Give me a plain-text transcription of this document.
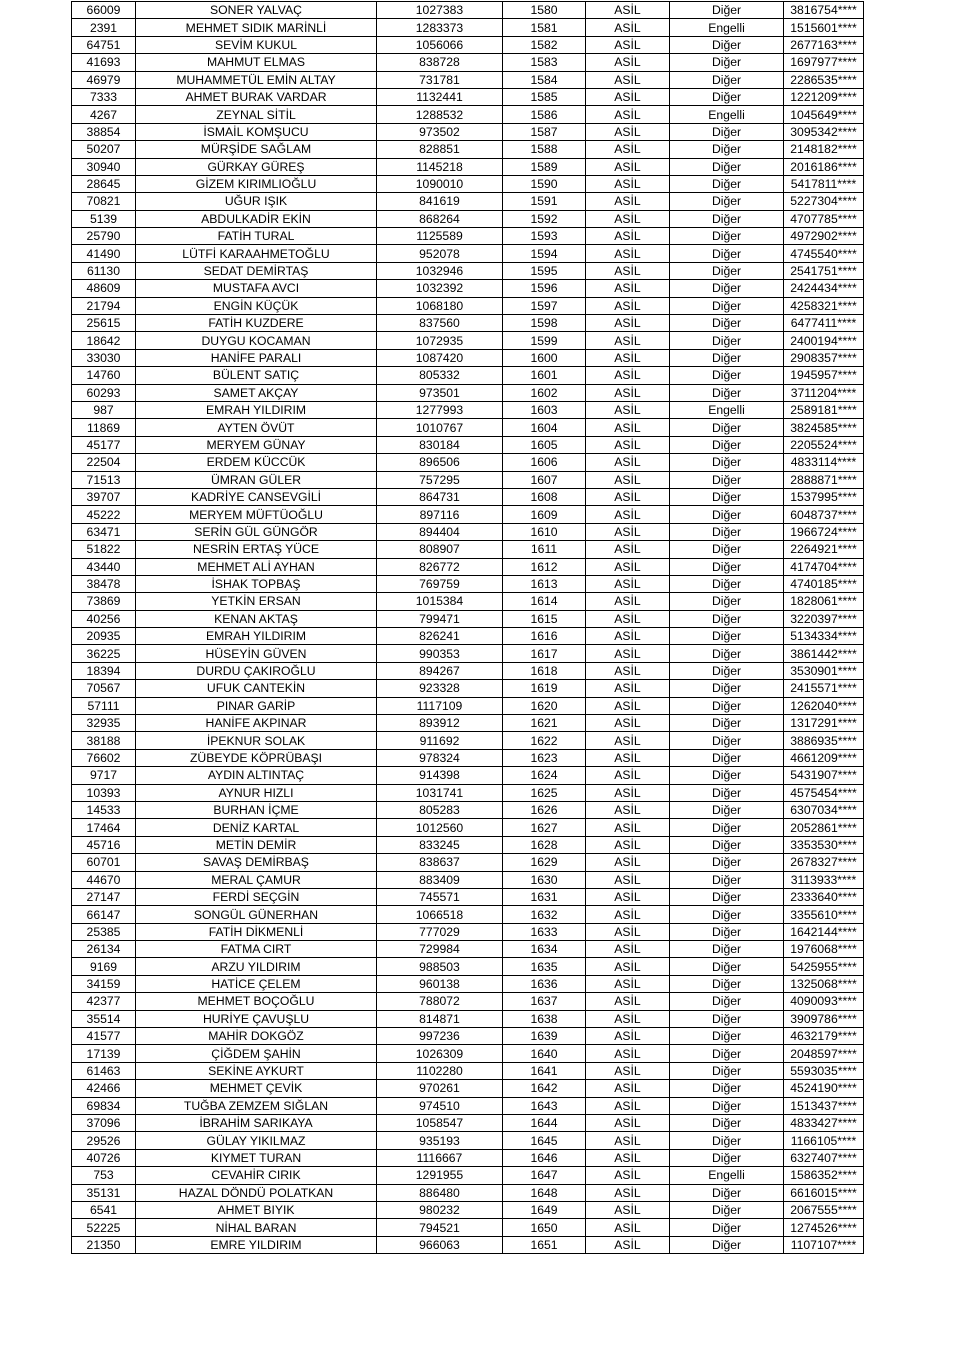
66009	SONER YALVAÇ	1027383	1580	ASİL	Diğer	3816754****
2391	MEHMET SIDIK MARİNLİ	1283373	1581	ASİL	Engelli	1515601****
64751	SEVİM KUKUL	1056066	1582	ASİL	Diğer	2677163****
41693	MAHMUT ELMAS	838728	1583	ASİL	Diğer	1697977****
46979	MUHAMMETÜL EMİN ALTAY	731781	1584	ASİL	Diğer	2286535****
7333	AHMET BURAK VARDAR	1132441	1585	ASİL	Diğer	1221209****
4267	ZEYNAL SİTİL	1288532	1586	ASİL	Engelli	1045649****
38854	İSMAİL KOMŞUCU	973502	1587	ASİL	Diğer	3095342****
50207	MÜRŞİDE SAĞLAM	828851	1588	ASİL	Diğer	2148182****
30940	GÜRKAY GÜREŞ	1145218	1589	ASİL	Diğer	2016186****
28645	GİZEM KIRIMLIOĞLU	1090010	1590	ASİL	Diğer	5417811****
70821	UĞUR IŞIK	841619	1591	ASİL	Diğer	5227304****
5139	ABDULKADİR EKİN	868264	1592	ASİL	Diğer	4707785****
25790	FATİH TURAL	1125589	1593	ASİL	Diğer	4972902****
41490	LÜTFİ KARAAHMETOĞLU	952078	1594	ASİL	Diğer	4745540****
61130	SEDAT DEMİRTAŞ	1032946	1595	ASİL	Diğer	2541751****
48609	MUSTAFA AVCI	1032392	1596	ASİL	Diğer	2424434****
21794	ENGİN KÜÇÜK	1068180	1597	ASİL	Diğer	4258321****
25615	FATİH KUZDERE	837560	1598	ASİL	Diğer	6477411****
18642	DUYGU KOCAMAN	1072935	1599	ASİL	Diğer	2400194****
33030	HANİFE PARALI	1087420	1600	ASİL	Diğer	2908357****
14760	BÜLENT SATIÇ	805332	1601	ASİL	Diğer	1945957****
60293	SAMET AKÇAY	973501	1602	ASİL	Diğer	3711204****
987	EMRAH YILDIRIM	1277993	1603	ASİL	Engelli	2589181****
11869	AYTEN ÖVÜT	1010767	1604	ASİL	Diğer	3824585****
45177	MERYEM GÜNAY	830184	1605	ASİL	Diğer	2205524****
22504	ERDEM KÜCCÜK	896506	1606	ASİL	Diğer	4833114****
71513	ÜMRAN GÜLER	757295	1607	ASİL	Diğer	2888871****
39707	KADRİYE CANSEVGİLİ	864731	1608	ASİL	Diğer	1537995****
45222	MERYEM MÜFTÜOĞLU	897116	1609	ASİL	Diğer	6048737****
63471	SERİN GÜL GÜNGÖR	894404	1610	ASİL	Diğer	1966724****
51822	NESRİN ERTAŞ YÜCE	808907	1611	ASİL	Diğer	2264921****
43440	MEHMET ALİ AYHAN	826772	1612	ASİL	Diğer	4174704****
38478	İSHAK TOPBAŞ	769759	1613	ASİL	Diğer	4740185****
73869	YETKİN ERSAN	1015384	1614	ASİL	Diğer	1828061****
40256	KENAN AKTAŞ	799471	1615	ASİL	Diğer	3220397****
20935	EMRAH YILDIRIM	826241	1616	ASİL	Diğer	5134334****
36225	HÜSEYİN GÜVEN	990353	1617	ASİL	Diğer	3861442****
18394	DURDU ÇAKIROĞLU	894267	1618	ASİL	Diğer	3530901****
70567	UFUK CANTEKİN	923328	1619	ASİL	Diğer	2415571****
57111	PINAR GARİP	1117109	1620	ASİL	Diğer	1262040****
32935	HANİFE AKPINAR	893912	1621	ASİL	Diğer	1317291****
38188	İPEKNUR SOLAK	911692	1622	ASİL	Diğer	3886935****
76602	ZÜBEYDE KÖPRÜBAŞI	978324	1623	ASİL	Diğer	4661209****
9717	AYDIN ALTINTAÇ	914398	1624	ASİL	Diğer	5431907****
10393	AYNUR HIZLI	1031741	1625	ASİL	Diğer	4575454****
14533	BURHAN İÇME	805283	1626	ASİL	Diğer	6307034****
17464	DENİZ KARTAL	1012560	1627	ASİL	Diğer	2052861****
45716	METİN DEMİR	833245	1628	ASİL	Diğer	3353530****
60701	SAVAŞ DEMİRBAŞ	838637	1629	ASİL	Diğer	2678327****
44670	MERAL ÇAMUR	883409	1630	ASİL	Diğer	3113933****
27147	FERDİ SEÇGİN	745571	1631	ASİL	Diğer	2333640****
66147	SONGÜL GÜNERHAN	1066518	1632	ASİL	Diğer	3355610****
25385	FATİH DİKMENLİ	777029	1633	ASİL	Diğer	1642144****
26134	FATMA CIRT	729984	1634	ASİL	Diğer	1976068****
9169	ARZU YILDIRIM	988503	1635	ASİL	Diğer	5425955****
34159	HATİCE ÇELEM	960138	1636	ASİL	Diğer	1325068****
42377	MEHMET BOÇOĞLU	788072	1637	ASİL	Diğer	4090093****
35514	HURİYE ÇAVUŞLU	814871	1638	ASİL	Diğer	3909786****
41577	MAHİR DOKGÖZ	997236	1639	ASİL	Diğer	4632179****
17139	ÇİĞDEM ŞAHİN	1026309	1640	ASİL	Diğer	2048597****
61463	SEKİNE AYKURT	1102280	1641	ASİL	Diğer	5593035****
42466	MEHMET ÇEVİK	970261	1642	ASİL	Diğer	4524190****
69834	TUĞBA ZEMZEM SIĞLAN	974510	1643	ASİL	Diğer	1513437****
37096	İBRAHİM SARIKAYA	1058547	1644	ASİL	Diğer	4833427****
29526	GÜLAY YIKILMAZ	935193	1645	ASİL	Diğer	1166105****
40726	KIYMET TURAN	1116667	1646	ASİL	Diğer	6327407****
753	CEVAHİR CIRIK	1291955	1647	ASİL	Engelli	1586352****
35131	HAZAL DÖNDÜ POLATKAN	886480	1648	ASİL	Diğer	6616015****
6541	AHMET BIYIK	980232	1649	ASİL	Diğer	2067555****
52225	NİHAL BARAN	794521	1650	ASİL	Diğer	1274526****
21350	EMRE YILDIRIM	966063	1651	ASİL	Diğer	1107107****
